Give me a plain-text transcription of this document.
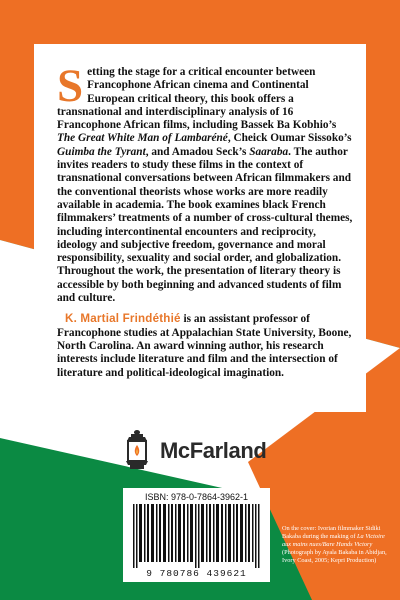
Setting the stage for a critical encounter between Francophone African cinema and Continental European critical theory, this book offers a transnational and interdisciplinary analysis of 16 Francophone African films, including Bassek Ba Kobhio’s The Great White Man of Lambaréné, Cheick Oumar Sissoko’s Guimba the Tyrant, and Amadou Seck’s Saaraba. The author invites readers to study these films in the context of transnational conversations between African filmmakers and the conventional theorists whose works are more readily available in academia. The book examines black French filmmakers’ treatments of a number of cross-cultural themes, including intercontinental encounters and reciprocity, ideology and subjective freedom, governance and moral responsibility, sexuality and social order, and globalization. Throughout the work, the presentation of literary theory is accessible by both beginning and advanced students of film and culture.

K. Martial Frindéthié is an assistant professor of Francophone studies at Appalachian State University, Boone, North Carolina. An award winning author, his research interests include literature and film and the intersection of literature and political-ideological imagination.

McFarland
ISBN: 978-0-7864-3962-1
9 780786 439621

On the cover: Ivorian filmmaker Sidiki Bakaba during the making of La Victoire aux mains nues/Bare Hands Victory (Photograph by Ayala Bakaba in Abidjan, Ivory Coast, 2005; Kepri Production)
